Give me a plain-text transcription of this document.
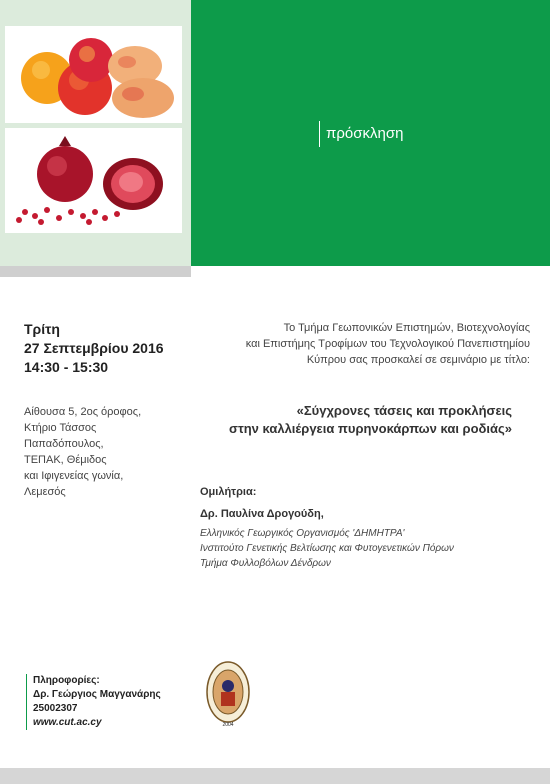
πρόσκληση
Τρίτη
27 Σεπτεμβρίου 2016
14:30 - 15:30
Αίθουσα 5, 2ος όροφος,
Κτήριο Τάσσος
Παπαδόπουλος,
ΤΕΠΑΚ, Θέμιδος
και Ιφιγενείας γωνία,
Λεμεσός
Το Τμήμα Γεωπονικών Επιστημών, Βιοτεχνολογίας
και Επιστήμης Τροφίμων του Τεχνολογικού Πανεπιστημίου
Κύπρου σας προσκαλεί σε σεμινάριο με τίτλο:
«Σύγχρονες τάσεις και προκλήσεις
στην καλλιέργεια πυρηνοκάρπων και ροδιάς»
Ομιλήτρια:
Δρ. Παυλίνα Δρογούδη,
Ελληνικός Γεωργικός Οργανισμός 'ΔΗΜΗΤΡΑ'
Ινστιτούτο Γενετικής Βελτίωσης και Φυτογενετικών Πόρων
Τμήμα Φυλλοβόλων Δένδρων
Πληροφορίες:
Δρ. Γεώργιος Μαγγανάρης
25002307
www.cut.ac.cy	2004
